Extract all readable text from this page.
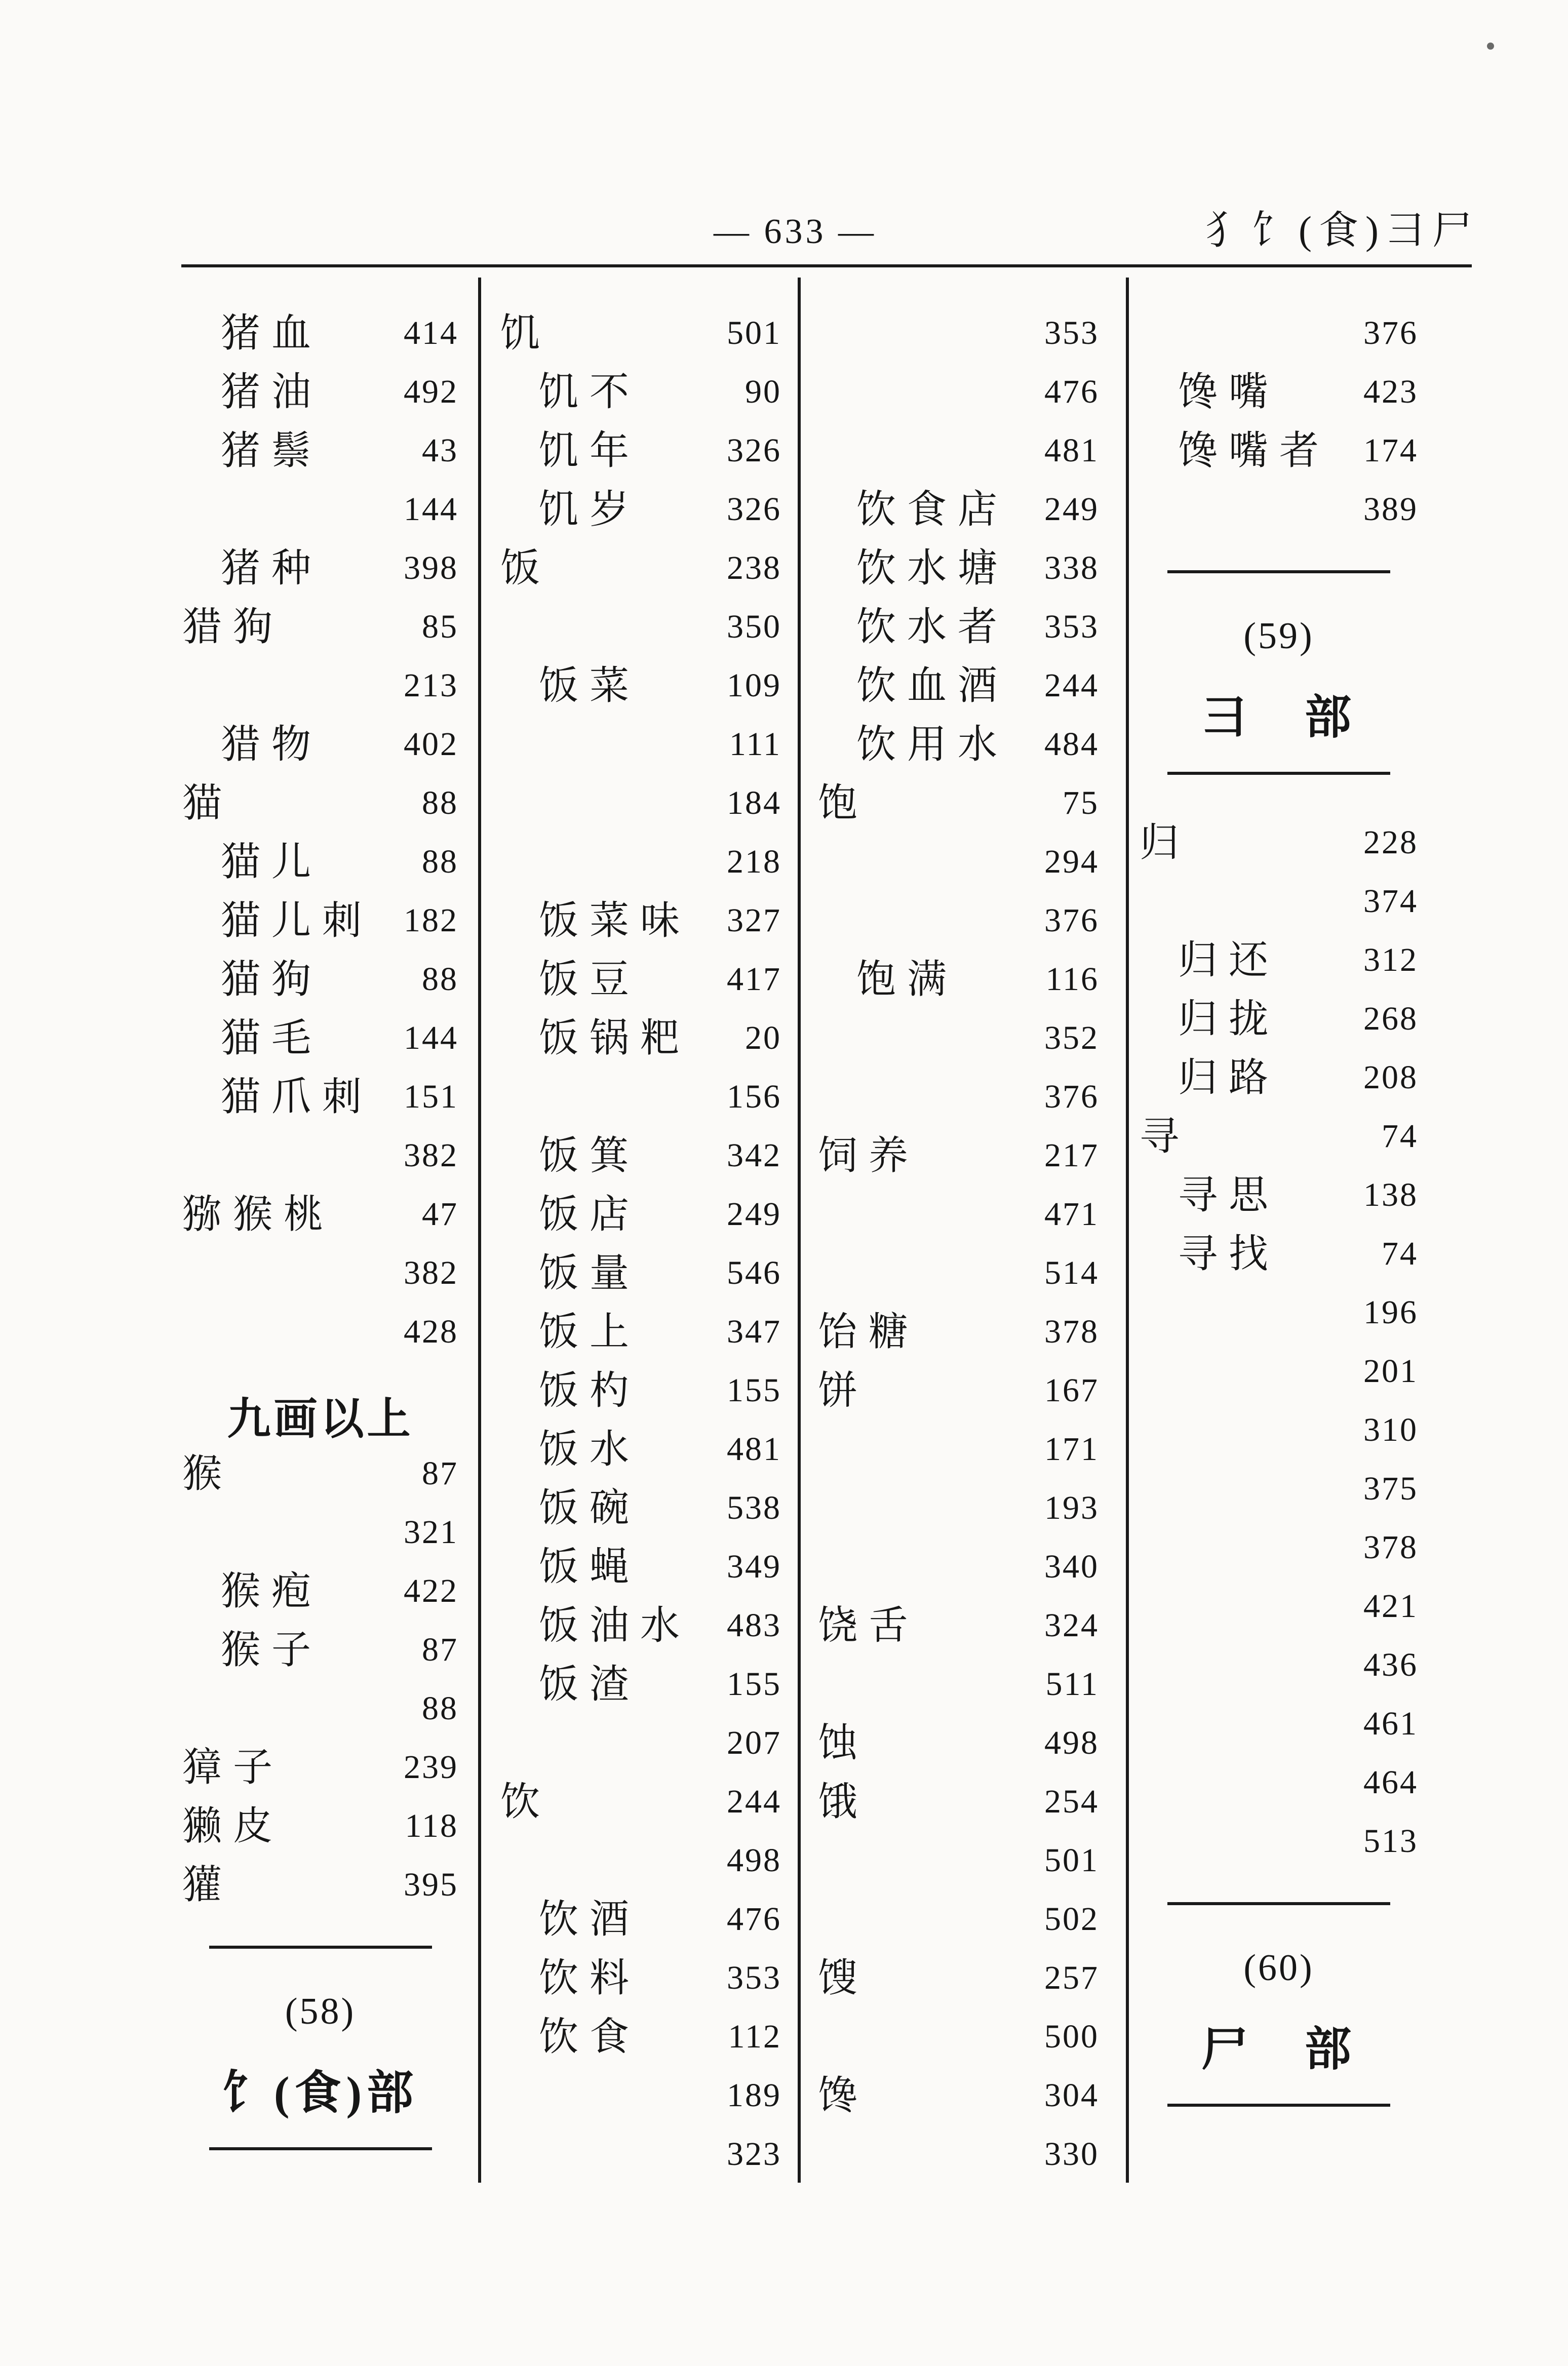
— 633 —	犭饣(食)彐尸
猪血 414
猪油 492
猪鬃	43
144
猪种 398
猎狗	85
213
猎物 402
猫	88
猫儿	88
猫儿刺 182
猫狗	88
猫毛 144
猫爪刺 151
382
猕猴桃	47
382
428
九画以上
猴	87
321
猴疱 422
猴子	87
88
獐子	239
獭皮	118
獾	395
(58)
饣(食)部
饥	501
饥不	90
饥年	326
饥岁	326
饭	238
350
饭菜	109
111
184
218
饭菜味 327
饭豆	417
饭锅粑 20
156
饭箕	342
饭店	249
饭量	546
饭上	347
饭杓	155
饭水	481
饭碗	538
饭蝇	349
饭油水 483
饭渣	155
207
饮	244
498
饮酒	476
饮料	353
饮食	112
189
323
353
476
481
饮食店 249
饮水塘 338
饮水者 353
饮血酒 244
饮用水 484
饱	75
294
376
饱满	116
352
376
饲养	217
471
514
饴糖	378
饼	167
171
193
340
饶舌	324
511
蚀	498
饿	254
501
502
馊	257
500
馋	304
330
376
馋嘴	423
馋嘴者 174
389
(59)
彐　部
归	228
374
归还	312
归拢	268
归路	208
寻	74
寻思	138
寻找	74
196
201
310
375
378
421
436
461
464
513
(60)
尸　部
